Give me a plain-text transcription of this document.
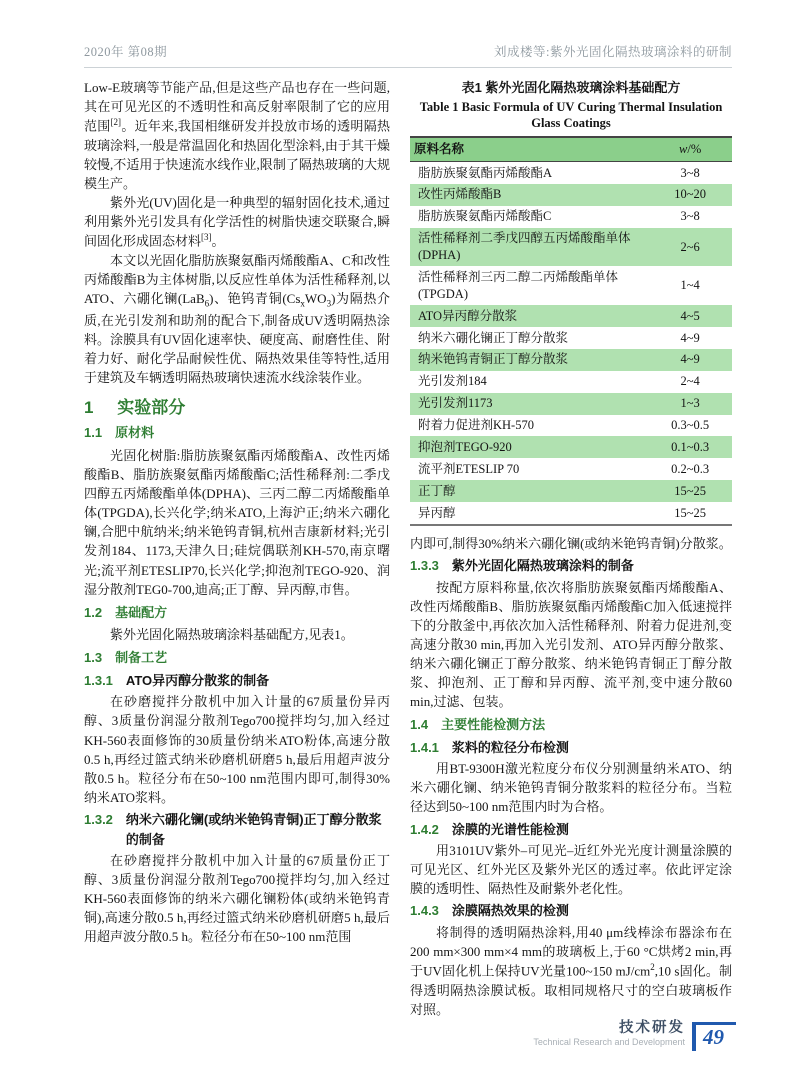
2020年 第08期	刘成楼等:紫外光固化隔热玻璃涂料的研制

Low-E玻璃等节能产品,但是这些产品也存在一些问题,其在可见光区的不透明性和高反射率限制了它的应用范围[2]。近年来,我国相继研发并投放市场的透明隔热玻璃涂料,一般是常温固化和热固化型涂料,由于其干燥较慢,不适用于快速流水线作业,限制了隔热玻璃的大规模生产。

紫外光(UV)固化是一种典型的辐射固化技术,通过利用紫外光引发具有化学活性的树脂快速交联聚合,瞬间固化形成固态材料[3]。

本文以光固化脂肪族聚氨酯丙烯酸酯A、C和改性丙烯酸酯B为主体树脂,以反应性单体为活性稀释剂,以ATO、六硼化镧(LaB$_6$)、铯钨青铜$(Cs_xWO_3)$为隔热介质,在光引发剂和助剂的配合下,制备成UV透明隔热涂料。涂膜具有UV固化速率快、硬度高、耐磨性佳、附着力好、耐化学品耐候性优、隔热效果佳等特性,适用于建筑及车辆透明隔热玻璃快速流水线涂装作业。

1 实验部分
1.1 原材料

光固化树脂:脂肪族聚氨酯丙烯酸酯A、改性丙烯酸酯B、脂肪族聚氨酯丙烯酸酯C;活性稀释剂:二季戊四醇五丙烯酸酯单体(DPHA)、三丙二醇二丙烯酸酯单体(TPGDA),长兴化学;纳米ATO,上海沪正;纳米六硼化镧,合肥中航纳米;纳米铯钨青铜,杭州吉康新材料;光引发剂184、1173,天津久日;硅烷偶联剂KH-570,南京曙光;流平剂ETESLIP70,长兴化学;抑泡剂TEGO-920、润湿分散剂TEG0-700,迪高;正丁醇、异丙醇,市售。

1.2 基础配方

紫外光固化隔热玻璃涂料基础配方,见表1。

1.3 制备工艺
1.3.1 ATO异丙醇分散浆的制备

在砂磨搅拌分散机中加入计量的67质量份异丙醇、3质量份润湿分散剂Tego700搅拌均匀,加入经过KH-560表面修饰的30质量份纳米ATO粉体,高速分散0.5 h,再经过篮式纳米砂磨机研磨5 h,最后用超声波分散0.5 h。粒径分布在50~100 nm范围内即可,制得30%纳米ATO浆料。

1.3.2 纳米六硼化镧(或纳米铯钨青铜)正丁醇分散浆的制备

在砂磨搅拌分散机中加入计量的67质量份正丁醇、3质量份润湿分散剂Tego700搅拌均匀,加入经过KH-560表面修饰的纳米六硼化镧粉体(或纳米铯钨青铜),高速分散0.5 h,再经过篮式纳米砂磨机研磨5 h,最后用超声波分散0.5 h。粒径分布在50~100 nm范围

表1 紫外光固化隔热玻璃涂料基础配方
Table 1 Basic Formula of UV Curing Thermal Insulation Glass Coatings
原料名称	w/%
脂肪族聚氨酯丙烯酸酯A	3~8
改性丙烯酸酯B	10~20
脂肪族聚氨酯丙烯酸酯C	3~8
活性稀释剂二季戊四醇五丙烯酸酯单体(DPHA)	2~6
活性稀释剂三丙二醇二丙烯酸酯单体(TPGDA)	1~4
ATO异丙醇分散浆	4~5
纳米六硼化镧正丁醇分散浆	4~9
纳米铯钨青铜正丁醇分散浆	4~9
光引发剂184	2~4
光引发剂1173	1~3
附着力促进剂KH-570	0.3~0.5
抑泡剂TEGO-920	0.1~0.3
流平剂ETESLIP 70	0.2~0.3
正丁醇	15~25
异丙醇	15~25

内即可,制得30%纳米六硼化镧(或纳米铯钨青铜)分散浆。

1.3.3 紫外光固化隔热玻璃涂料的制备

按配方原料称量,依次将脂肪族聚氨酯丙烯酸酯A、改性丙烯酸酯B、脂肪族聚氨酯丙烯酸酯C加入低速搅拌下的分散釜中,再依次加入活性稀释剂、附着力促进剂,变高速分散30 min,再加入光引发剂、ATO异丙醇分散浆、纳米六硼化镧正丁醇分散浆、纳米铯钨青铜正丁醇分散浆、抑泡剂、正丁醇和异丙醇、流平剂,变中速分散60 min,过滤、包装。

1.4 主要性能检测方法
1.4.1 浆料的粒径分布检测

用BT-9300H激光粒度分布仪分别测量纳米ATO、纳米六硼化镧、纳米铯钨青铜分散浆料的粒径分布。当粒径达到50~100 nm范围内时为合格。

1.4.2 涂膜的光谱性能检测

用3101UV紫外–可见光–近红外光光度计测量涂膜的可见光区、红外光区及紫外光区的透过率。依此评定涂膜的透明性、隔热性及耐紫外老化性。

1.4.3 涂膜隔热效果的检测

将制得的透明隔热涂料,用40 μm线棒涂布器涂布在200 mm×300 mm×4 mm的玻璃板上,于60 °C烘烤2 min,再于UV固化机上保持UV光量100~150 $mJ/cm^2,10$ s固化。制得透明隔热涂膜试板。取相同规格尺寸的空白玻璃板作对照。

技术研发
Technical Research and Development 49
